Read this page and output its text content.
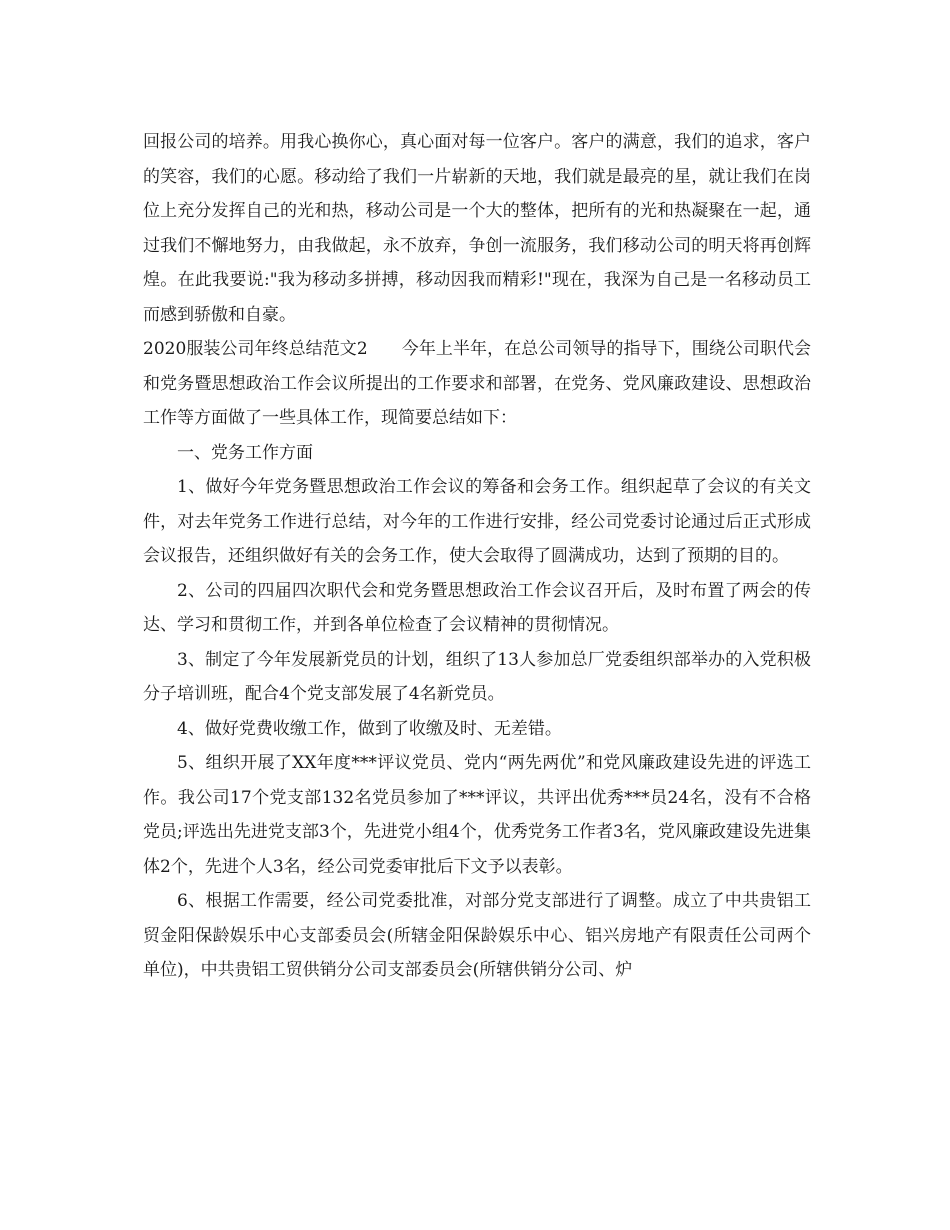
回报公司的培养。用我心换你心，真心面对每一位客户。客户的满意，我们的追求，客户的笑容，我们的心愿。移动给了我们一片崭新的天地，我们就是最亮的星，就让我们在岗位上充分发挥自己的光和热，移动公司是一个大的整体，把所有的光和热凝聚在一起，通过我们不懈地努力，由我做起，永不放弃，争创一流服务，我们移动公司的明天将再创辉煌。在此我要说:"我为移动多拼搏，移动因我而精彩!"现在，我深为自己是一名移动员工而感到骄傲和自豪。

2020服装公司年终总结范文2　　今年上半年，在总公司领导的指导下，围绕公司职代会和党务暨思想政治工作会议所提出的工作要求和部署，在党务、党风廉政建设、思想政治工作等方面做了一些具体工作，现简要总结如下：

一、党务工作方面

1、做好今年党务暨思想政治工作会议的筹备和会务工作。组织起草了会议的有关文件，对去年党务工作进行总结，对今年的工作进行安排，经公司党委讨论通过后正式形成会议报告，还组织做好有关的会务工作，使大会取得了圆满成功，达到了预期的目的。

2、公司的四届四次职代会和党务暨思想政治工作会议召开后，及时布置了两会的传达、学习和贯彻工作，并到各单位检查了会议精神的贯彻情况。

3、制定了今年发展新党员的计划，组织了13人参加总厂党委组织部举办的入党积极分子培训班，配合4个党支部发展了4名新党员。

4、做好党费收缴工作，做到了收缴及时、无差错。

5、组织开展了XX年度***评议党员、党内“两先两优”和党风廉政建设先进的评选工作。我公司17个党支部132名党员参加了***评议，共评出优秀***员24名，没有不合格党员;评选出先进党支部3个，先进党小组4个，优秀党务工作者3名，党风廉政建设先进集体2个，先进个人3名，经公司党委审批后下文予以表彰。

6、根据工作需要，经公司党委批准，对部分党支部进行了调整。成立了中共贵铝工贸金阳保龄娱乐中心支部委员会(所辖金阳保龄娱乐中心、铝兴房地产有限责任公司两个单位)，中共贵铝工贸供销分公司支部委员会(所辖供销分公司、炉
